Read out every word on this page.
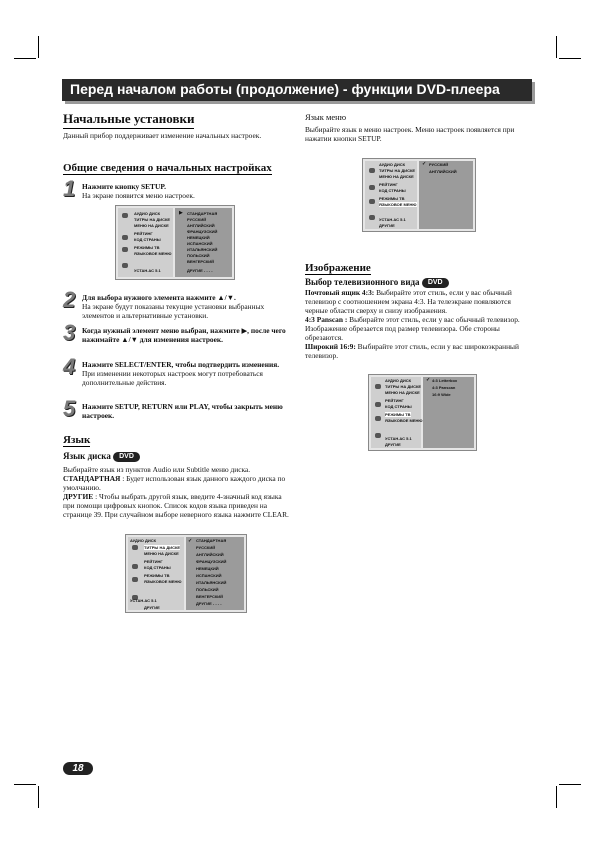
Перед началом работы (продолжение) - функции DVD-плеера
Начальные установки
Данный прибор поддерживает изменение начальных настроек.
Общие сведения о начальных настройках
1 Нажмите кнопку SETUP.
На экране появится меню настроек.
АУДИО ДИСК
ТИТРЫ НА ДИСКЕ
МЕНЮ НА ДИСКЕ
РЕЙТИНГ
КОД СТРАНЫ
РЕЖИМЫ ТВ
ЯЗЫКОВОЕ МЕНЮ
УСТАН.АС 5.1
▶ СТАНДАРТНАЯ
РУССКИЙ
АНГЛИЙСКИЙ
ФРАНЦУЗСКИЙ
НЕМЕЦКИЙ
ИСПАНСКИЙ
ИТАЛЬЯНСКИЙ
ПОЛЬСКИЙ
ВЕНГЕРСКИЙ
ДРУГИЕ - - - -
2 Для выбора нужного элемента нажмите ▲/▼.
На экране будут показаны текущие установки выбранных элементов и альтернативные установки.
3 Когда нужный элемент меню выбран, нажмите ▶, после чего нажимайте ▲/▼ для изменения настроек.
4 Нажмите SELECT/ENTER, чтобы подтвердить изменения.
При изменении некоторых настроек могут потребоваться дополнительные действия.
5 Нажмите SETUP, RETURN или PLAY, чтобы закрыть меню настроек.
Язык
Язык диска DVD
Выбирайте язык из пунктов Audio или Subtitle меню диска.
СТАНДАРТНАЯ : Будет использован язык данного каждого диска по умолчанию.
ДРУГИЕ : Чтобы выбрать другой язык, введите 4-значный код языка при помощи цифровых кнопок. Список кодов языка приведен на странице 39. При случайном выборе неверного языка нажмите CLEAR.
АУДИО ДИСК
ТИТРЫ НА ДИСКЕ
МЕНЮ НА ДИСКЕ
РЕЙТИНГ
КОД СТРАНЫ
РЕЖИМЫ ТВ
ЯЗЫКОВОЕ МЕНЮ
УСТАН.АС 5.1
ДРУГИЕ
✓ СТАНДАРТНАЯ
РУССКИЙ
АНГЛИЙСКИЙ
ФРАНЦУЗСКИЙ
НЕМЕЦКИЙ
ИСПАНСКИЙ
ИТАЛЬЯНСКИЙ
ПОЛЬСКИЙ
ВЕНГЕРСКИЙ
ДРУГИЕ - - - -
Язык меню
Выбирайте язык в меню настроек. Меню настроек появляется при нажатии кнопки SETUP.
АУДИО ДИСК
ТИТРЫ НА ДИСКЕ
МЕНЮ НА ДИСКЕ
РЕЙТИНГ
КОД СТРАНЫ
РЕЖИМЫ ТВ
ЯЗЫКОВОЕ МЕНЮ
УСТАН.АС 5.1
ДРУГИЕ
✓ РУССКИЙ
АНГЛИЙСКИЙ
Изображение
Выбор телевизионного вида DVD
Почтовый ящик 4:3: Выбирайте этот стиль, если у вас обычный телевизор с соотношением экрана 4:3. На телеэкране появляются черные области сверху и снизу изображения.
4:3 Panscan : Выбирайте этот стиль, если у вас обычный телевизор. Изображение обрезается под размер телевизора. Обе стороны обрезаются.
Широкий 16:9: Выбирайте этот стиль, если у вас широкоэкранный телевизор.
АУДИО ДИСК
ТИТРЫ НА ДИСКЕ
МЕНЮ НА ДИСКЕ
РЕЙТИНГ
КОД СТРАНЫ
РЕЖИМЫ ТВ
ЯЗЫКОВОЕ МЕНЮ
УСТАН.АС 5.1
ДРУГИЕ
✓ 4:3 Letterbox
4:3 Panscan
16:9 Wide
18
